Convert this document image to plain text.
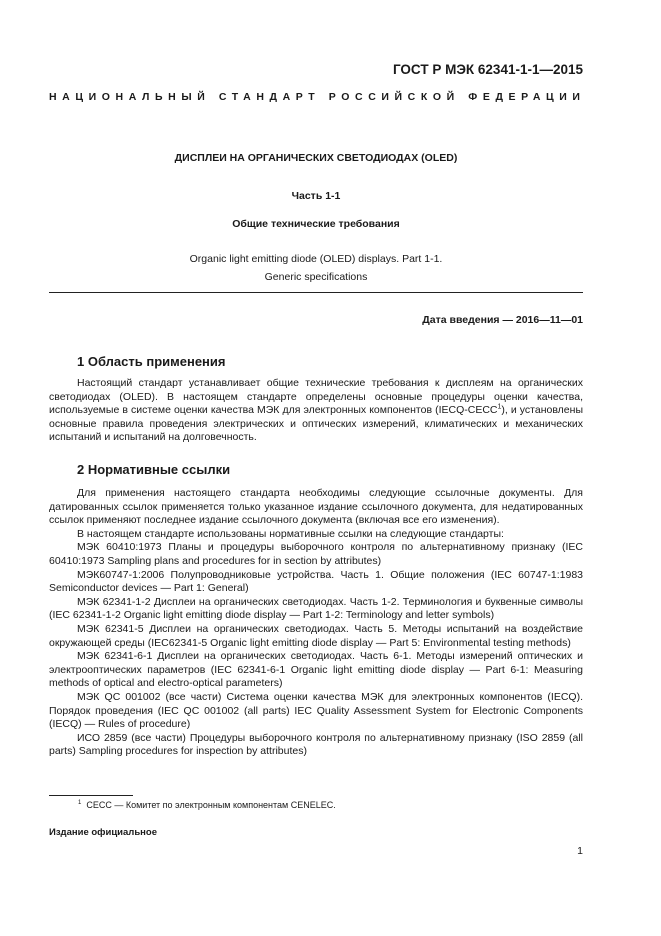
ГОСТ Р МЭК 62341-1-1—2015
НАЦИОНАЛЬНЫЙ СТАНДАРТ РОССИЙСКОЙ ФЕДЕРАЦИИ
ДИСПЛЕИ НА ОРГАНИЧЕСКИХ СВЕТОДИОДАХ (OLED)
Часть 1-1
Общие технические требования
Organic light emitting diode (OLED) displays. Part 1-1.
Generic specifications
Дата введения — 2016—11—01
1 Область применения

Настоящий стандарт устанавливает общие технические требования к дисплеям на органических светодиодах (OLED). В настоящем стандарте определены основные процедуры оценки качества, используемые в системе оценки качества МЭК для электронных компонентов (IECQ-CECC$^1$), и установлены основные правила проведения электрических и оптических измерений, климатических и механических испытаний и испытаний на долговечность.

2 Нормативные ссылки

Для применения настоящего стандарта необходимы следующие ссылочные документы. Для датированных ссылок применяется только указанное издание ссылочного документа, для недатированных ссылок применяют последнее издание ссылочного документа (включая все его изменения).

В настоящем стандарте использованы нормативные ссылки на следующие стандарты:

МЭК 60410:1973 Планы и процедуры выборочного контроля по альтернативному признаку (IEC 60410:1973 Sampling plans and procedures for in section by attributes)

МЭК60747-1:2006 Полупроводниковые устройства. Часть 1. Общие положения (IEC 60747-1:1983 Semiconductor devices — Part 1: General)

МЭК 62341-1-2 Дисплеи на органических светодиодах. Часть 1-2. Терминология и буквенные символы (IEC 62341-1-2 Organic light emitting diode display — Part 1-2: Terminology and letter symbols)

МЭК 62341-5 Дисплеи на органических светодиодах. Часть 5. Методы испытаний на воздействие окружающей среды (IEC62341-5 Organic light emitting diode display — Part 5: Environmental testing methods)

МЭК 62341-6-1 Дисплеи на органических светодиодах. Часть 6-1. Методы измерений оптических и электрооптических параметров (IEC 62341-6-1 Organic light emitting diode display — Part 6-1: Measuring methods of optical and electro-optical parameters)

МЭК QC 001002 (все части) Система оценки качества МЭК для электронных компонентов (IECQ). Порядок проведения (IEC QC 001002 (all parts) IEC Quality Assessment System for Electronic Components (IECQ) — Rules of procedure)

ИСО 2859 (все части) Процедуры выборочного контроля по альтернативному признаку (ISO 2859 (all parts) Sampling procedures for inspection by attributes)

$^1$ CECC — Комитет по электронным компонентам CENELEC.
Издание официальное
1
